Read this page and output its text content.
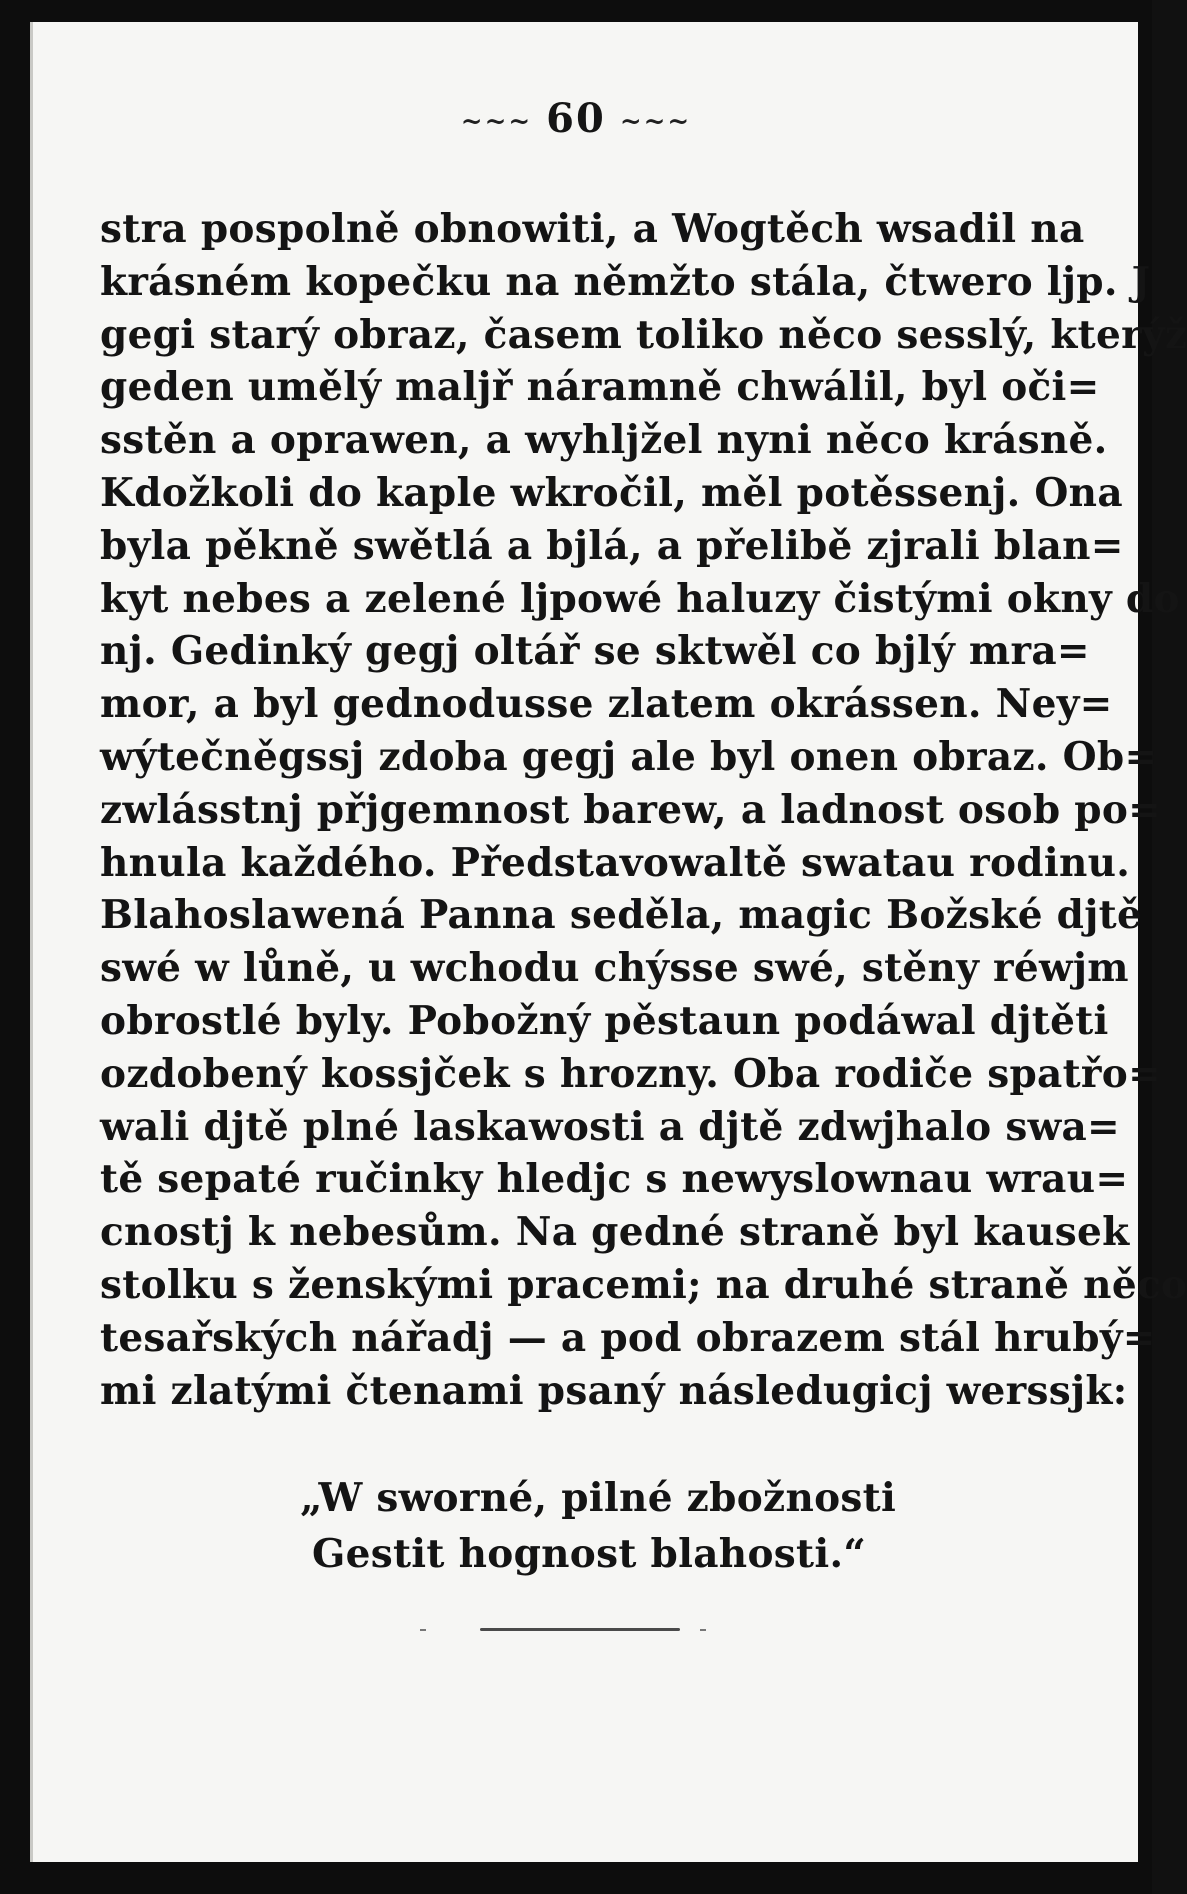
~~~ 60 ~~~
stra pospolně obnowiti, a Wogtěch wsadil na
krásném kopečku na němžto stála, čtwero ljp. J
gegi starý obraz, časem toliko něco sesslý, kterýž
geden umělý maljř náramně chwálil, byl oči=
sstěn a oprawen, a wyhljžel nyni něco krásně.
Kdožkoli do kaple wkročil, měl potěssenj. Ona
byla pěkně swětlá a bjlá, a přelibě zjrali blan=
kyt nebes a zelené ljpowé haluzy čistými okny do
nj. Gedinký gegj oltář se sktwěl co bjlý mra=
mor, a byl gednodusse zlatem okrássen. Ney=
wýtečněgssj zdoba gegj ale byl onen obraz. Ob=
zwlásstnj přjgemnost barew, a ladnost osob po=
hnula každého. Představowaltě swatau rodinu.
Blahoslawená Panna seděla, magic Božské djtě
swé w lůně, u wchodu chýsse swé, stěny réwjm
obrostlé byly. Pobožný pěstaun podáwal djtěti
ozdobený kossjček s hrozny. Oba rodiče spatřo=
wali djtě plné laskawosti a djtě zdwjhalo swa=
tě sepaté ručinky hledjc s newyslownau wrau=
cnostj k nebesům. Na gedné straně byl kausek
stolku s ženskými pracemi; na druhé straně něco
tesařských nářadj — a pod obrazem stál hrubý=
mi zlatými čtenami psaný následugicj werssjk:
„W sworné, pilné zbožnosti
Gestit hognost blahosti.“
